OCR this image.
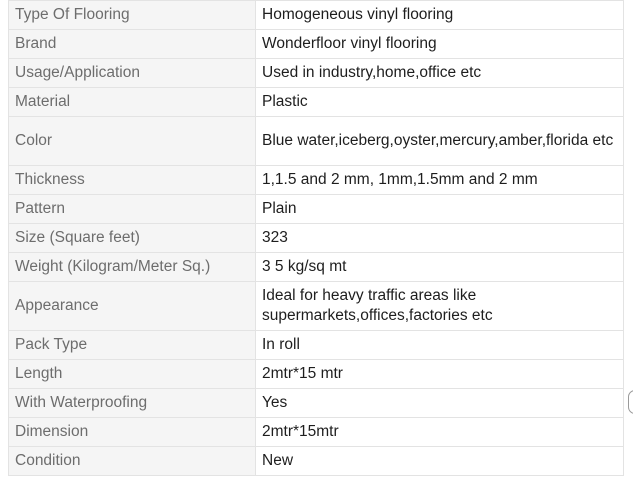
Type Of Flooring	Homogeneous vinyl flooring
Brand	Wonderfloor vinyl flooring
Usage/Application	Used in industry,home,office etc
Material	Plastic
Color	Blue water,iceberg,oyster,mercury,amber,florida etc
Thickness	1,1.5 and 2 mm, 1mm,1.5mm and 2 mm
Pattern	Plain
Size (Square feet)	323
Weight (Kilogram/Meter Sq.)	3 5 kg/sq mt
Appearance	Ideal for heavy traffic areas like supermarkets,offices,factories etc
Pack Type	In roll
Length	2mtr*15 mtr
With Waterproofing	Yes
Dimension	2mtr*15mtr
Condition	New
